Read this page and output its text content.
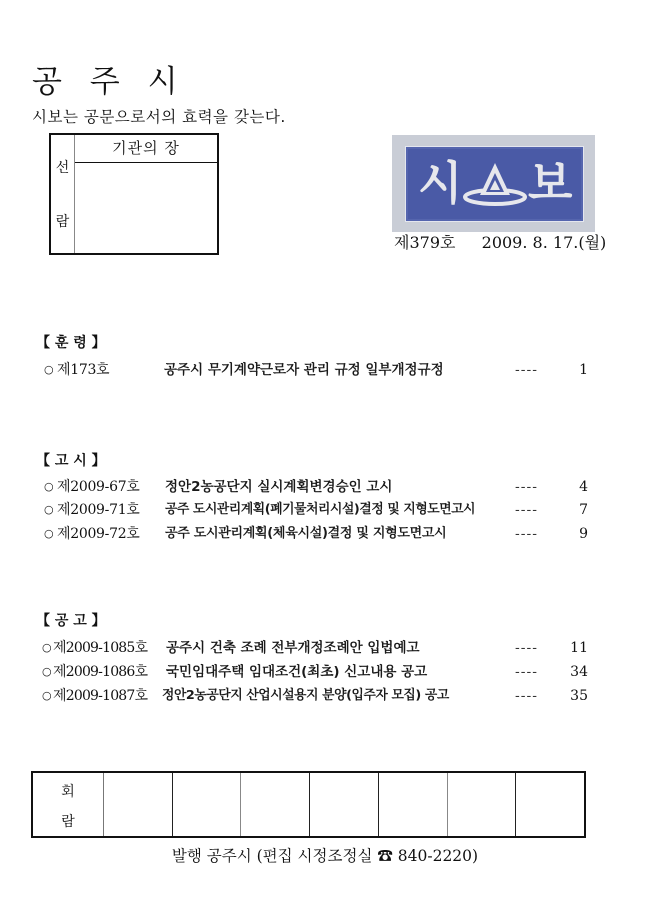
공 주 시
시보는 공문으로서의 효력을 갖는다.
선
람
기관의 장
시 보
제379호 2009. 8. 17.(월)
【 훈 령 】
○ 제173호	공주시 무기계약근로자 관리 규정 일부개정규정	----	1
【 고 시 】
○ 제2009-67호 정안2농공단지 실시계획변경승인 고시	----	4
○ 제2009-71호 공주 도시관리계획(폐기물처리시설)결정 및 지형도면고시	----	7
○ 제2009-72호 공주 도시관리계획(체육시설)결정 및 지형도면고시	----	9
【 공 고 】
○ 제2009-1085호 공주시 건축 조례 전부개정조례안 입법예고	---- 11
○ 제2009-1086호 국민임대주택 임대조건(최초) 신고내용 공고	---- 34
○ 제2009-1087호 정안2농공단지 산업시설용지 분양(입주자 모집) 공고	---- 35
회
람
발행 공주시 (편집 시정조정실 ☎ 840-2220)
